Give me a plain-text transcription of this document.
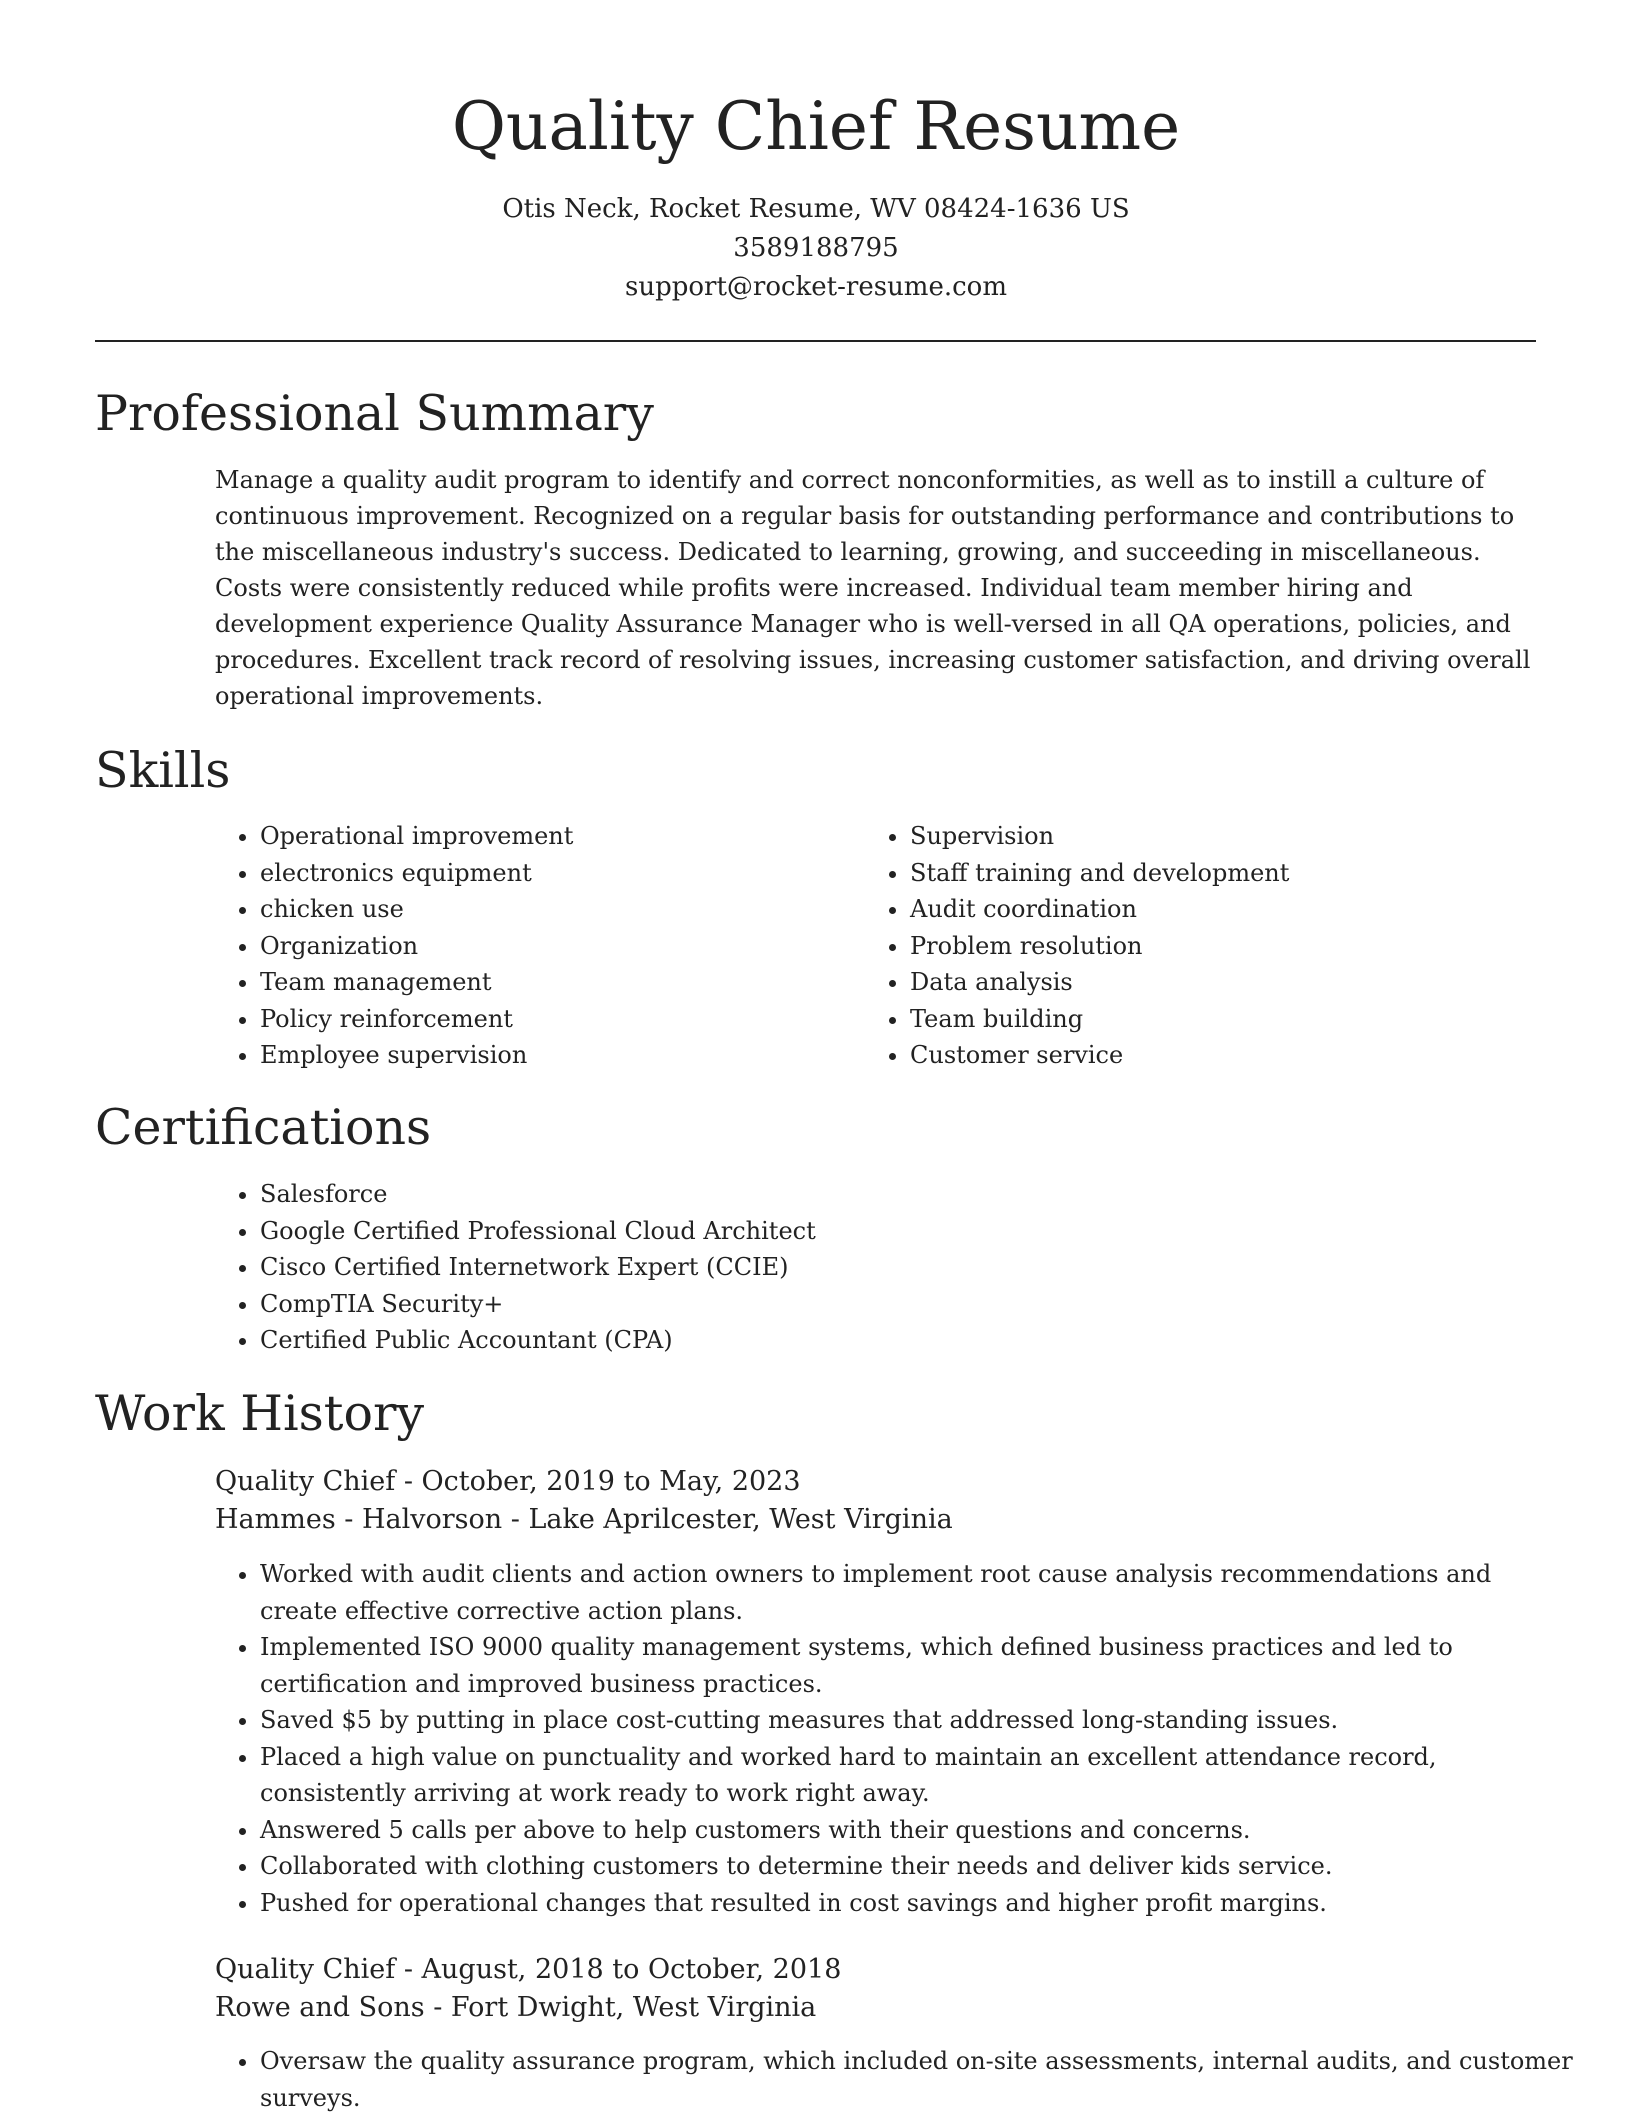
Quality Chief Resume
Otis Neck, Rocket Resume, WV 08424-1636 US
3589188795
support@rocket-resume.com
Professional Summary

Manage a quality audit program to identify and correct nonconformities, as well as to instill a culture of continuous improvement. Recognized on a regular basis for outstanding performance and contributions to the miscellaneous industry's success. Dedicated to learning, growing, and succeeding in miscellaneous. Costs were consistently reduced while profits were increased. Individual team member hiring and development experience Quality Assurance Manager who is well-versed in all QA operations, policies, and procedures. Excellent track record of resolving issues, increasing customer satisfaction, and driving overall operational improvements.

Skills
• Operational improvement
• electronics equipment
• chicken use
• Organization
• Team management
• Policy reinforcement
• Employee supervision
• Supervision
• Staff training and development
• Audit coordination
• Problem resolution
• Data analysis
• Team building
• Customer service
Certifications
• Salesforce
• Google Certified Professional Cloud Architect
• Cisco Certified Internetwork Expert (CCIE)
• CompTIA Security+
• Certified Public Accountant (CPA)
Work History
Quality Chief - October, 2019 to May, 2023
Hammes - Halvorson - Lake Aprilcester, West Virginia
• Worked with audit clients and action owners to implement root cause analysis recommendations and create effective corrective action plans.
• Implemented ISO 9000 quality management systems, which defined business practices and led to certification and improved business practices.
• Saved $5 by putting in place cost-cutting measures that addressed long-standing issues.
• Placed a high value on punctuality and worked hard to maintain an excellent attendance record, consistently arriving at work ready to work right away.
• Answered 5 calls per above to help customers with their questions and concerns.
• Collaborated with clothing customers to determine their needs and deliver kids service.
• Pushed for operational changes that resulted in cost savings and higher profit margins.
Quality Chief - August, 2018 to October, 2018
Rowe and Sons - Fort Dwight, West Virginia
• Oversaw the quality assurance program, which included on-site assessments, internal audits, and customer surveys.
